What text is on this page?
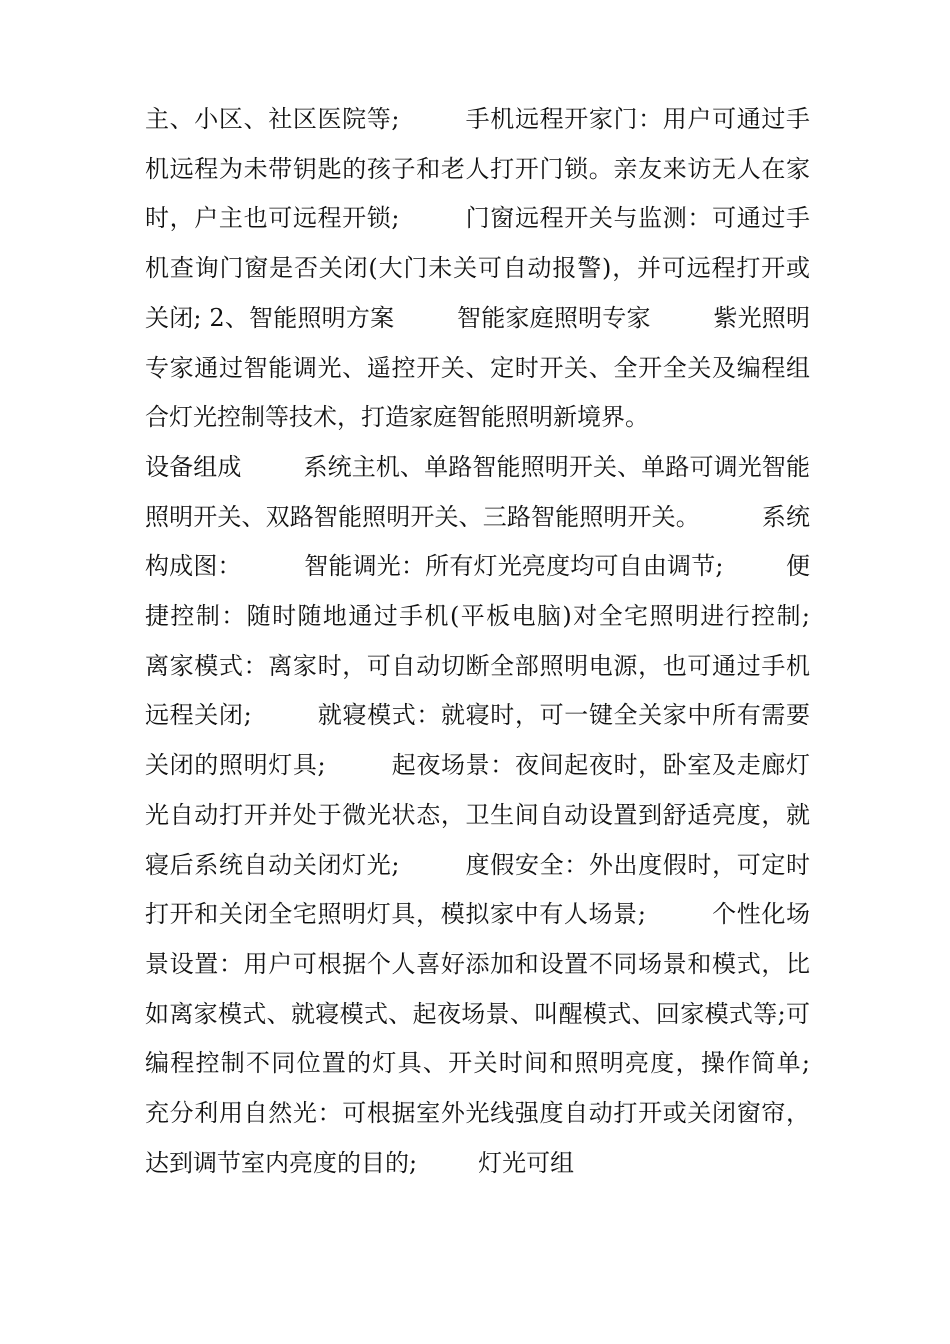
主、小区、社区医院等;        手机远程开家门：用户可通过手机远程为未带钥匙的孩子和老人打开门锁。亲友来访无人在家时，户主也可远程开锁;        门窗远程开关与监测：可通过手机查询门窗是否关闭(大门未关可自动报警)，并可远程打开或关闭; 2、智能照明方案        智能家庭照明专家        紫光照明专家通过智能调光、遥控开关、定时开关、全开全关及编程组合灯光控制等技术，打造家庭智能照明新境界。

设备组成        系统主机、单路智能照明开关、单路可调光智能照明开关、双路智能照明开关、三路智能照明开关。        系统构成图：        智能调光：所有灯光亮度均可自由调节;        便捷控制：随时随地通过手机(平板电脑)对全宅照明进行控制;        离家模式：离家时，可自动切断全部照明电源，也可通过手机远程关闭;        就寝模式：就寝时，可一键全关家中所有需要关闭的照明灯具;        起夜场景：夜间起夜时，卧室及走廊灯光自动打开并处于微光状态，卫生间自动设置到舒适亮度，就寝后系统自动关闭灯光;        度假安全：外出度假时，可定时打开和关闭全宅照明灯具，模拟家中有人场景;        个性化场景设置：用户可根据个人喜好添加和设置不同场景和模式，比如离家模式、就寝模式、起夜场景、叫醒模式、回家模式等;可编程控制不同位置的灯具、开关时间和照明亮度，操作简单;        充分利用自然光：可根据室外光线强度自动打开或关闭窗帘，达到调节室内亮度的目的;        灯光可组
